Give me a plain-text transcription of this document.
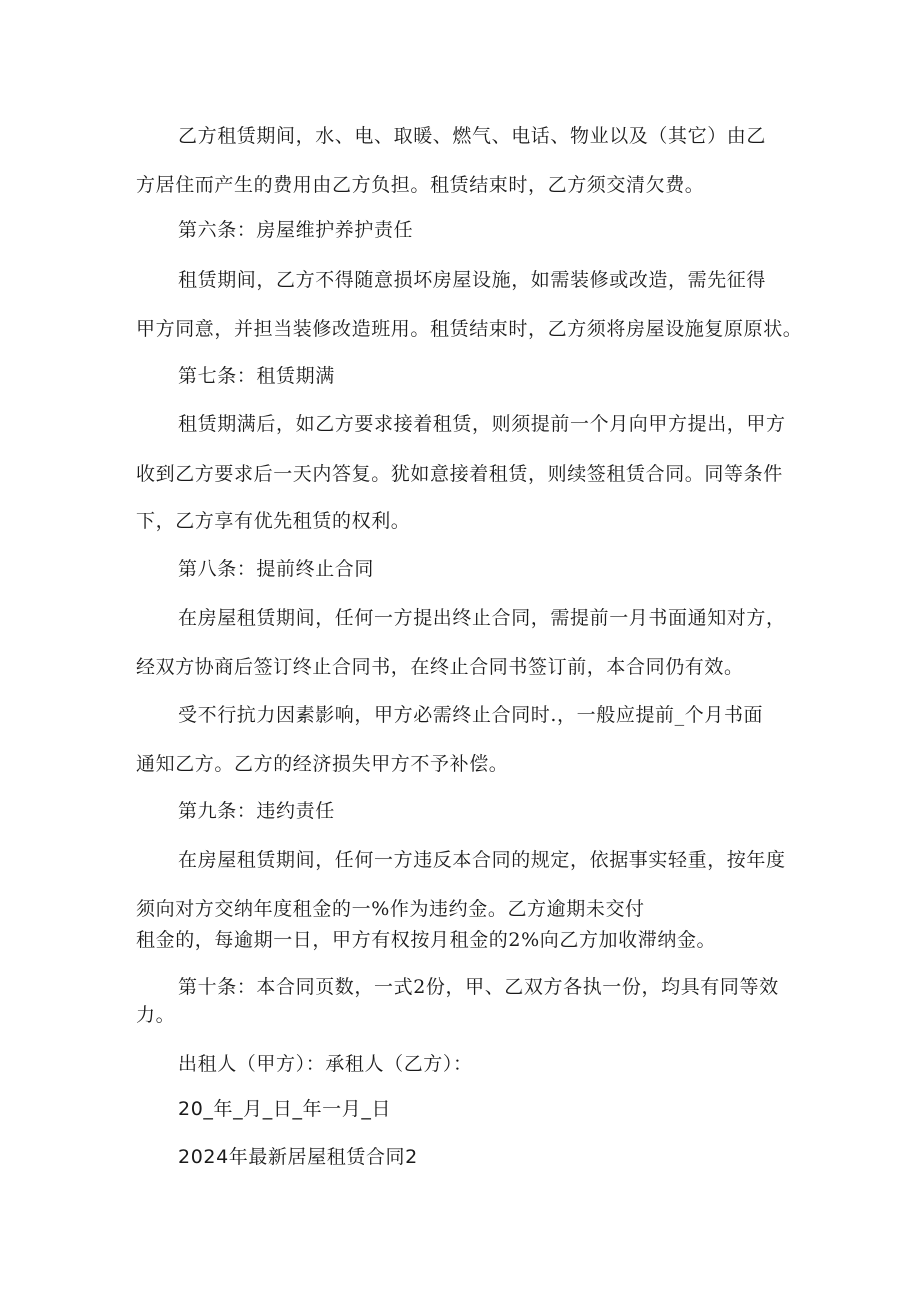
乙方租赁期间，水、电、取暖、燃气、电话、物业以及（其它）由乙
方居住而产生的费用由乙方负担。租赁结束时，乙方须交清欠费。
第六条：房屋维护养护责任
租赁期间，乙方不得随意损坏房屋设施，如需装修或改造，需先征得
甲方同意，并担当装修改造班用。租赁结束时，乙方须将房屋设施复原原状。
第七条：租赁期满
租赁期满后，如乙方要求接着租赁，则须提前一个月向甲方提出，甲方
收到乙方要求后一天内答复。犹如意接着租赁，则续签租赁合同。同等条件
下，乙方享有优先租赁的权利。
第八条：提前终止合同
在房屋租赁期间，任何一方提出终止合同，需提前一月书面通知对方，
经双方协商后签订终止合同书，在终止合同书签订前，本合同仍有效。
受不行抗力因素影响，甲方必需终止合同时.，一般应提前_个月书面
通知乙方。乙方的经济损失甲方不予补偿。
第九条：违约责任
在房屋租赁期间，任何一方违反本合同的规定，依据事实轻重，按年度
须向对方交纳年度租金的一%作为违约金。乙方逾期未交付
租金的，每逾期一日，甲方有权按月租金的2%向乙方加收滞纳金。
第十条：本合同页数，一式2份，甲、乙双方各执一份，均具有同等效
力。
出租人（甲方）：承租人（乙方）：
20_年_月_日_年一月_日
2024年最新居屋租赁合同2
